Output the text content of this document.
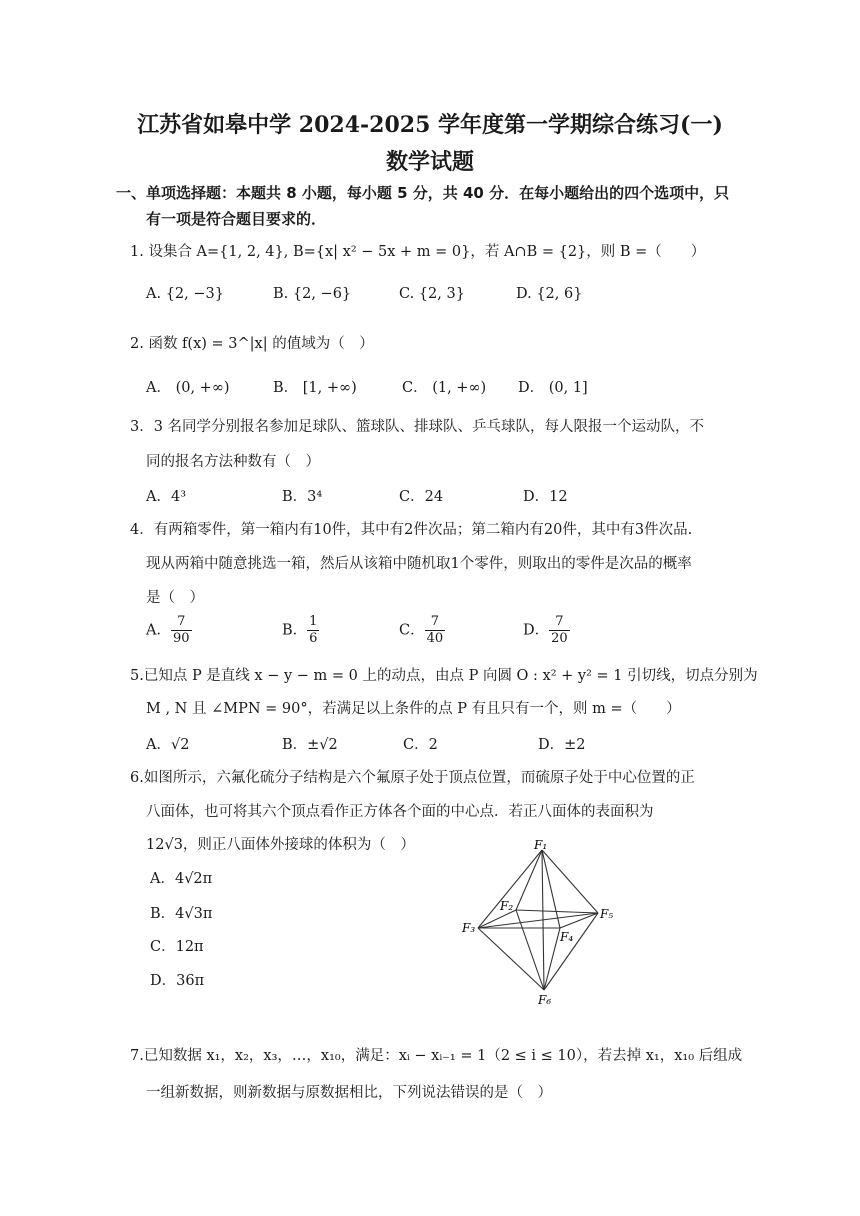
江苏省如皋中学 2024-2025 学年度第一学期综合练习(一)
数学试题
一、单项选择题：本题共 8 小题，每小题 5 分，共 40 分．在每小题给出的四个选项中，只
有一项是符合题目要求的．
1. 设集合 A={1, 2, 4}, B={x| x² − 5x + m = 0}，若 A∩B = {2}，则 B =（　　）
A. {2, −3}	B. {2, −6}	C. {2, 3}	D. {2, 6}
2. 函数 f(x) = 3^|x| 的值域为（　）
A． (0, +∞)	B． [1, +∞)	C． (1, +∞) D． (0, 1]
3．3 名同学分别报名参加足球队、篮球队、排球队、乒乓球队，每人限报一个运动队，不
同的报名方法种数有（　）
A．4³	B．3⁴	C．24	D．12
4．有两箱零件，第一箱内有10件，其中有2件次品；第二箱内有20件，其中有3件次品.
现从两箱中随意挑选一箱，然后从该箱中随机取1个零件，则取出的零件是次品的概率
是（　）
A． $\frac{7}{90}$	B． $\frac{1}{6}$	C． $\frac{7}{40}$	D． $\frac{7}{20}$
5.已知点 P 是直线 x − y − m = 0 上的动点，由点 P 向圆 O : x² + y² = 1 引切线，切点分别为
M , N 且 ∠MPN = 90°，若满足以上条件的点 P 有且只有一个，则 m =（　　）
A．√2	B．±√2	C．2	D．±2
6.如图所示，六氟化硫分子结构是六个氟原子处于顶点位置，而硫原子处于中心位置的正
八面体，也可将其六个顶点看作正方体各个面的中心点．若正八面体的表面积为
12√3，则正八面体外接球的体积为（　）
A．4√2π
B．4√3π
C．12π
D．36π
F₁
F₂
F₃
F₄
F₅
F₆
7.已知数据 x₁，x₂，x₃，…，x₁₀，满足：xᵢ − xᵢ₋₁ = 1（2 ≤ i ≤ 10），若去掉 x₁，x₁₀ 后组成
一组新数据，则新数据与原数据相比，下列说法错误的是（　）
